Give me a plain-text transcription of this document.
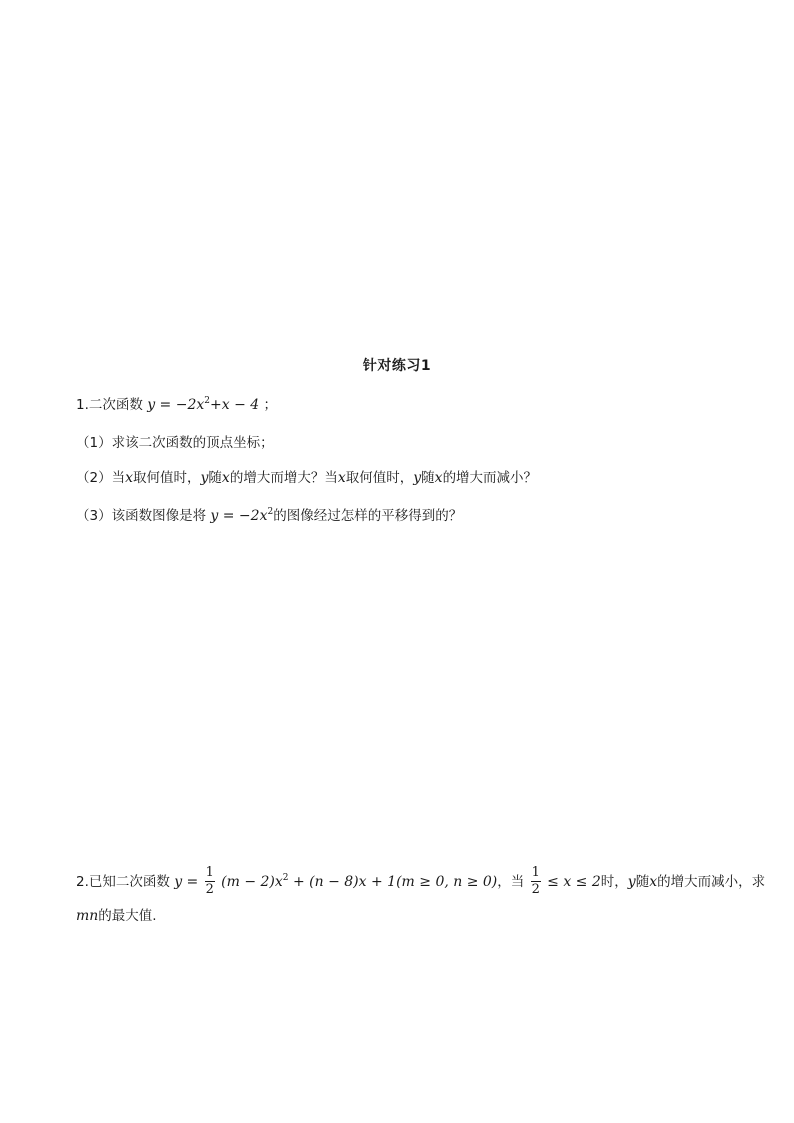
针对练习1
1.二次函数 $y = -2x^2+x - 4$ ；
（1）求该二次函数的顶点坐标；
（2）当x取何值时，y随x的增大而增大？当x取何值时，y随x的增大而减小？
（3）该函数图像是将 $y = -2x^2$的图像经过怎样的平移得到的？
2.已知二次函数 $y = \frac{1}{2} (m - 2)x^2 + (n - 8)x + 1(m \ge 0$, n ≥ 0)，当 $\frac{1}{2} \le x \le 2$时，y随x的增大而减小，求
mn的最大值.
